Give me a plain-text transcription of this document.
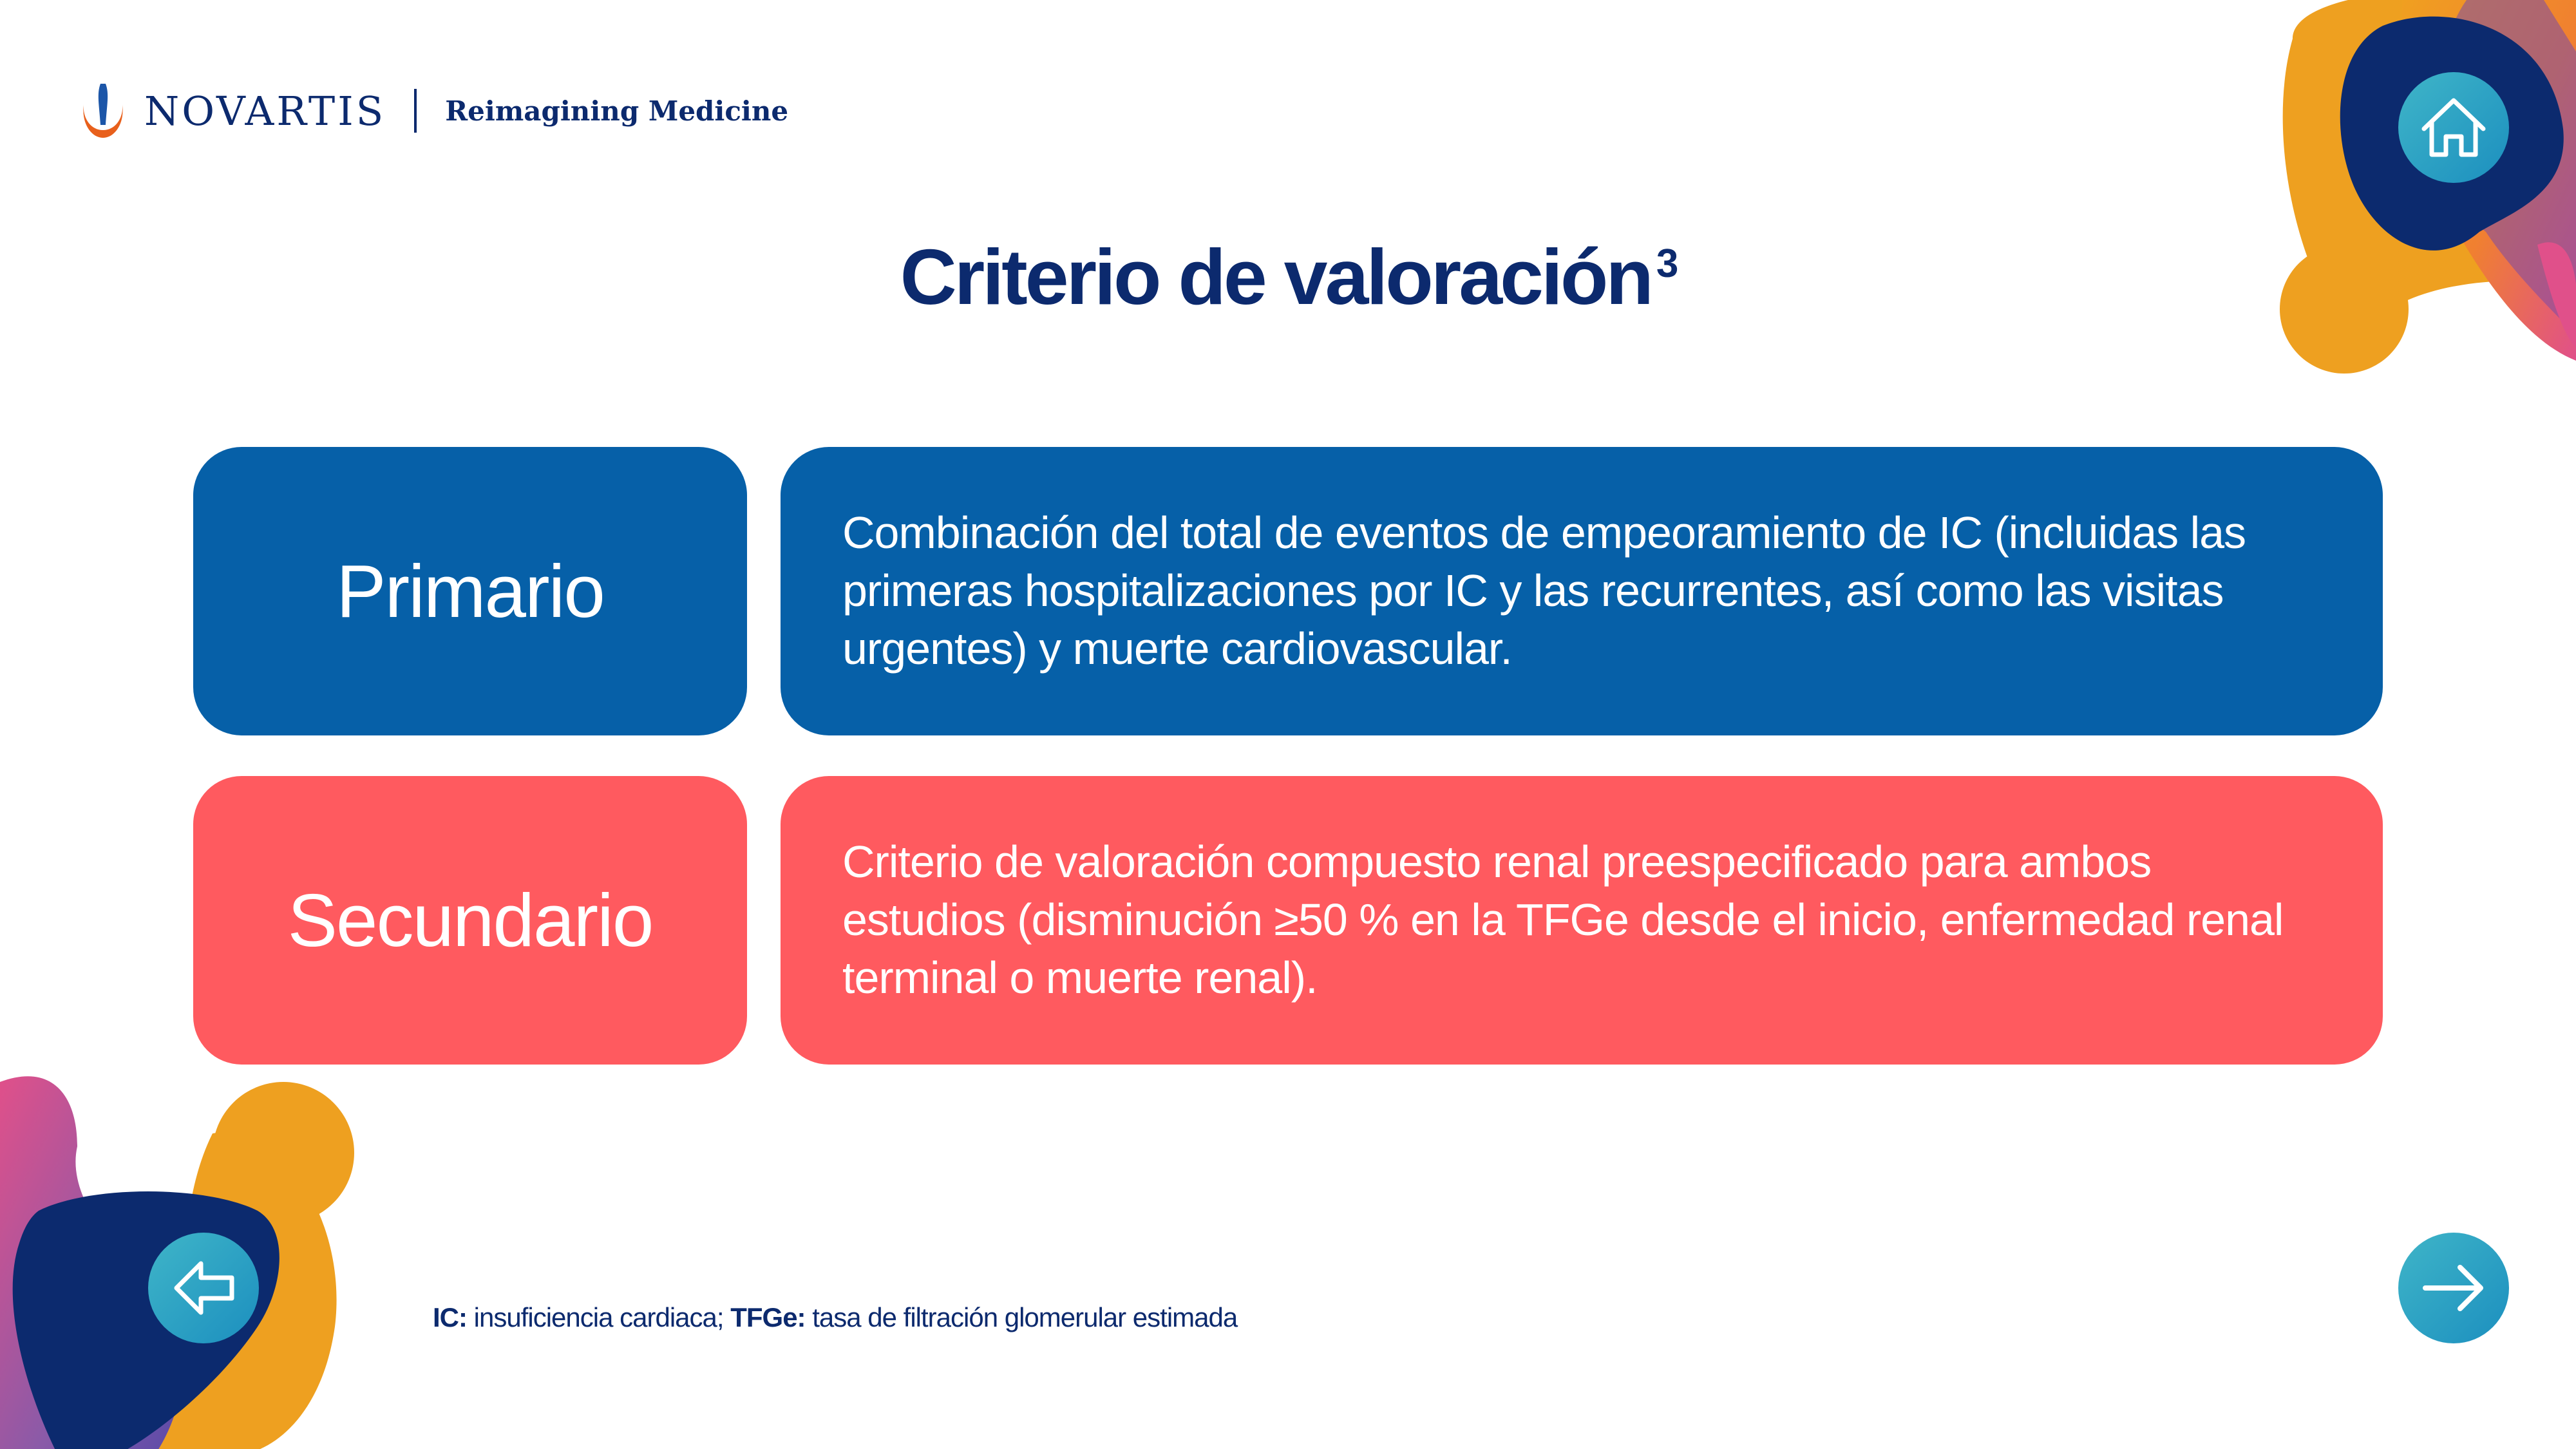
NOVARTIS Reimagining Medicine
Criterio de valoración $^3$
Primario
Combinación del total de eventos de empeoramiento de IC (incluidas las primeras hospitalizaciones por IC y las recurrentes, así como las visitas urgentes) y muerte cardiovascular.
Secundario
Criterio de valoración compuesto renal preespecificado para ambos estudios (disminución ≥50 % en la TFGe desde el inicio, enfermedad renal terminal o muerte renal).
IC: insuficiencia cardiaca; TFGe: tasa de filtración glomerular estimada
